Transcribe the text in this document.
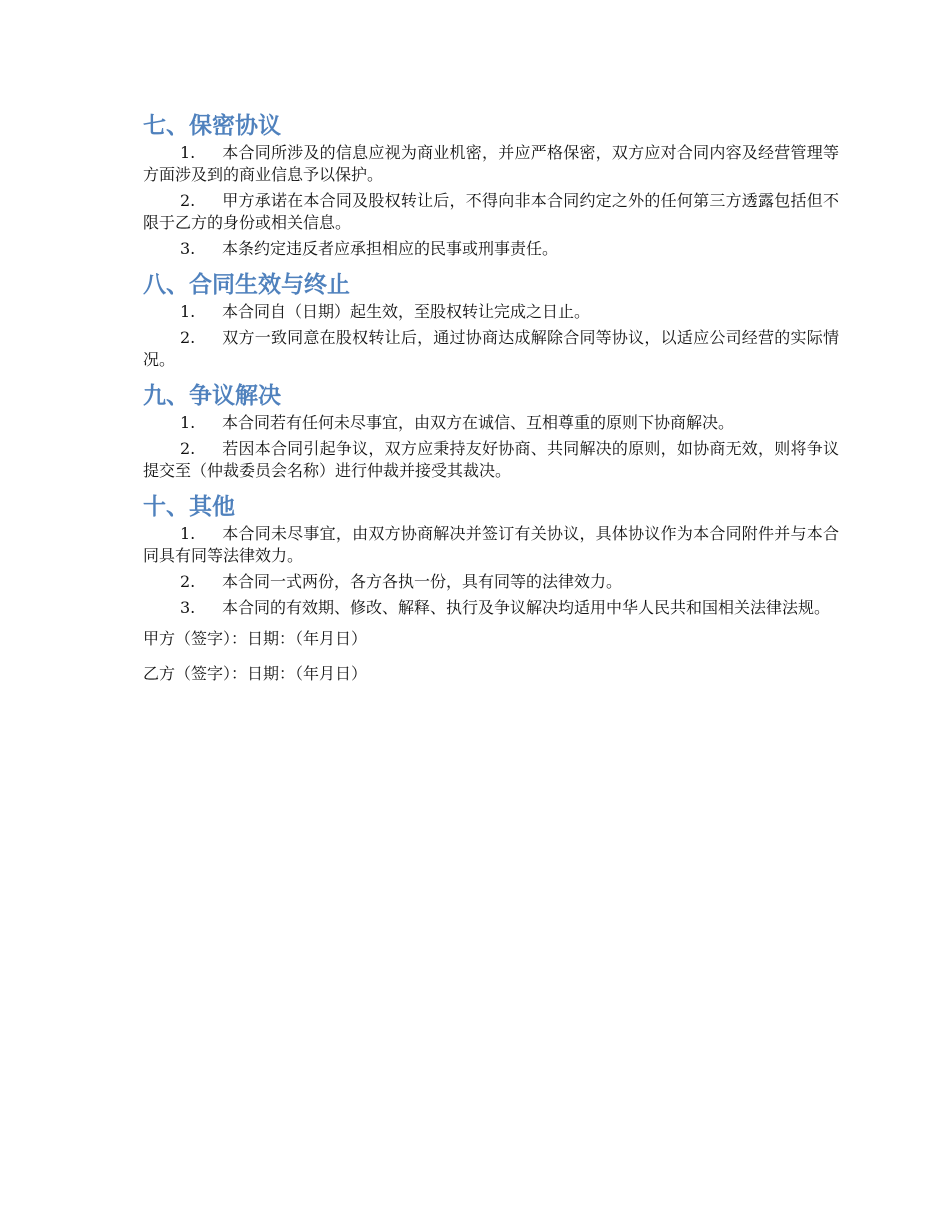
七、保密协议

1. 本合同所涉及的信息应视为商业机密，并应严格保密，双方应对合同内容及经营管理等方面涉及到的商业信息予以保护。

2. 甲方承诺在本合同及股权转让后，不得向非本合同约定之外的任何第三方透露包括但不限于乙方的身份或相关信息。

3. 本条约定违反者应承担相应的民事或刑事责任。

八、合同生效与终止

1. 本合同自（日期）起生效，至股权转让完成之日止。

2. 双方一致同意在股权转让后，通过协商达成解除合同等协议，以适应公司经营的实际情况。

九、争议解决

1. 本合同若有任何未尽事宜，由双方在诚信、互相尊重的原则下协商解决。

2. 若因本合同引起争议，双方应秉持友好协商、共同解决的原则，如协商无效，则将争议提交至（仲裁委员会名称）进行仲裁并接受其裁决。

十、其他

1. 本合同未尽事宜，由双方协商解决并签订有关协议，具体协议作为本合同附件并与本合同具有同等法律效力。

2. 本合同一式两份，各方各执一份，具有同等的法律效力。

3. 本合同的有效期、修改、解释、执行及争议解决均适用中华人民共和国相关法律法规。

甲方（签字）：日期：（年月日）

乙方（签字）：日期：（年月日）
